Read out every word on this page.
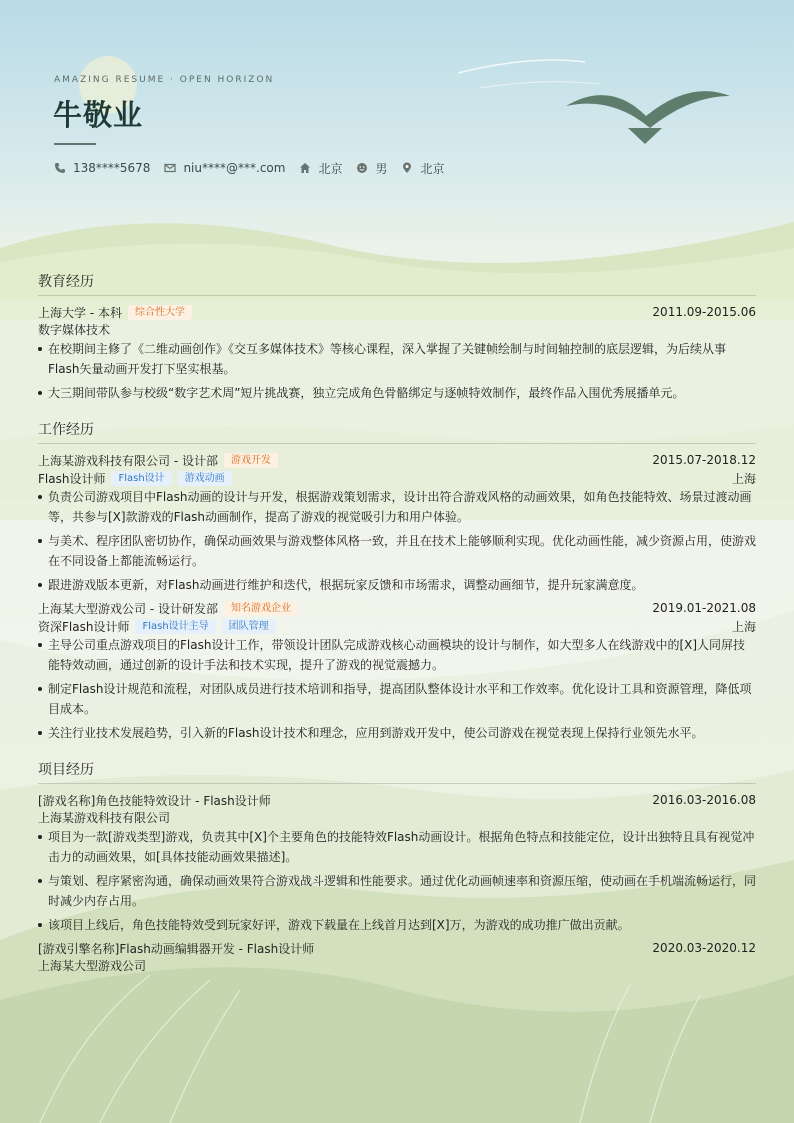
AMAZING RESUME · OPEN HORIZON
牛敬业
138****5678	niu****@***.com	北京	男	北京
教育经历
上海大学 - 本科	综合性大学	2011.09-2015.06
数字媒体技术
在校期间主修了《二维动画创作》《交互多媒体技术》等核心课程，深入掌握了关键帧绘制与时间轴控制的底层逻辑，为后续从事Flash矢量动画开发打下坚实根基。
大三期间带队参与校级“数字艺术周”短片挑战赛，独立完成角色骨骼绑定与逐帧特效制作，最终作品入围优秀展播单元。
工作经历
上海某游戏科技有限公司 - 设计部	游戏开发	2015.07-2018.12
Flash设计师	Flash设计	游戏动画	上海
负责公司游戏项目中Flash动画的设计与开发，根据游戏策划需求，设计出符合游戏风格的动画效果，如角色技能特效、场景过渡动画等，共参与[X]款游戏的Flash动画制作，提高了游戏的视觉吸引力和用户体验。
与美术、程序团队密切协作，确保动画效果与游戏整体风格一致，并且在技术上能够顺利实现。优化动画性能，减少资源占用，使游戏在不同设备上都能流畅运行。
跟进游戏版本更新，对Flash动画进行维护和迭代，根据玩家反馈和市场需求，调整动画细节，提升玩家满意度。
上海某大型游戏公司 - 设计研发部	知名游戏企业	2019.01-2021.08
资深Flash设计师	Flash设计主导	团队管理	上海
主导公司重点游戏项目的Flash设计工作，带领设计团队完成游戏核心动画模块的设计与制作，如大型多人在线游戏中的[X]人同屏技能特效动画，通过创新的设计手法和技术实现，提升了游戏的视觉震撼力。
制定Flash设计规范和流程，对团队成员进行技术培训和指导，提高团队整体设计水平和工作效率。优化设计工具和资源管理，降低项目成本。
关注行业技术发展趋势，引入新的Flash设计技术和理念，应用到游戏开发中，使公司游戏在视觉表现上保持行业领先水平。
项目经历
[游戏名称]角色技能特效设计 - Flash设计师	2016.03-2016.08
上海某游戏科技有限公司
项目为一款[游戏类型]游戏，负责其中[X]个主要角色的技能特效Flash动画设计。根据角色特点和技能定位，设计出独特且具有视觉冲击力的动画效果，如[具体技能动画效果描述]。
与策划、程序紧密沟通，确保动画效果符合游戏战斗逻辑和性能要求。通过优化动画帧速率和资源压缩，使动画在手机端流畅运行，同时减少内存占用。
该项目上线后，角色技能特效受到玩家好评，游戏下载量在上线首月达到[X]万，为游戏的成功推广做出贡献。
[游戏引擎名称]Flash动画编辑器开发 - Flash设计师	2020.03-2020.12
上海某大型游戏公司
